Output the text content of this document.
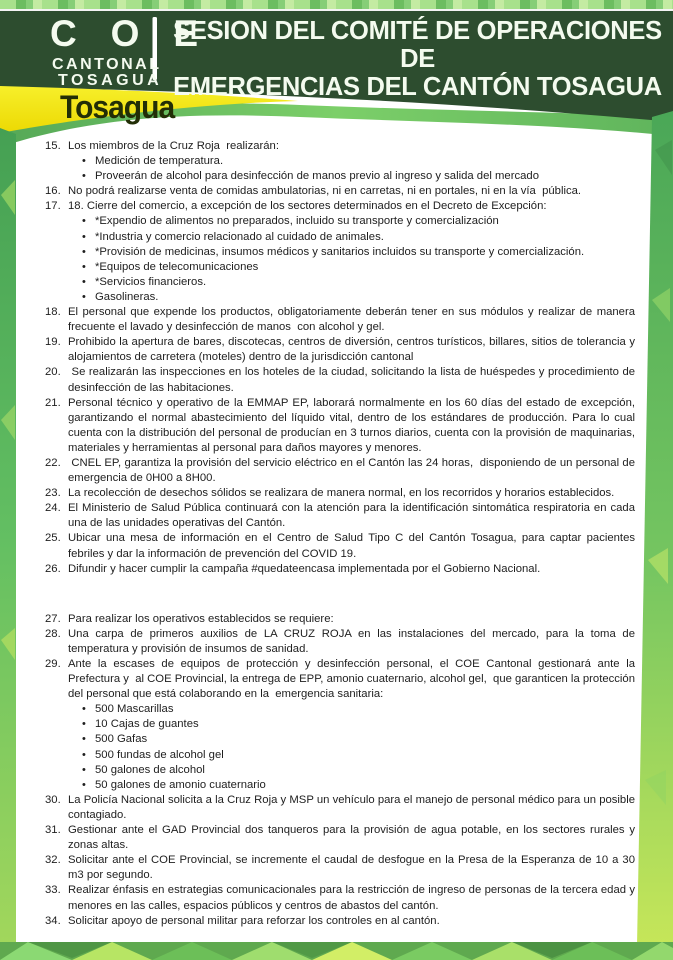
C O E
CANTONAL
TOSAGUA
SESION DEL COMITÉ DE OPERACIONES DE
EMERGENCIAS DEL CANTÓN TOSAGUA
Tosagua
15. Los miembros de la Cruz Roja  realizarán:

• Medición de temperatura.
• Proveerán de alcohol para desinfección de manos previo al ingreso y salida del mercado
16. No podrá realizarse venta de comidas ambulatorias, ni en carretas, ni en portales, ni en la vía  pública.

17. 18. Cierre del comercio, a excepción de los sectores determinados en el Decreto de Excepción:

• *Expendio de alimentos no preparados, incluido su transporte y comercialización
• *Industria y comercio relacionado al cuidado de animales.
• *Provisión de medicinas, insumos médicos y sanitarios incluidos su transporte y comercialización.
• *Equipos de telecomunicaciones
• *Servicios financieros.
• Gasolineras.
18. El personal que expende los productos, obligatoriamente deberán tener en sus módulos y realizar de manera frecuente el lavado y desinfección de manos  con alcohol y gel.

19. Prohibido la apertura de bares, discotecas, centros de diversión, centros turísticos, billares, sitios de tolerancia y alojamientos de carretera (moteles) dentro de la jurisdicción cantonal

20. Se realizarán las inspecciones en los hoteles de la ciudad, solicitando la lista de huéspedes y procedimiento de desinfección de las habitaciones.

21. Personal técnico y operativo de la EMMAP EP, laborará normalmente en los 60 días del estado de excepción, garantizando el normal abastecimiento del líquido vital, dentro de los estándares de producción. Para lo cual cuenta con la distribución del personal de producían en 3 turnos diarios, cuenta con la provisión de maquinarias, materiales y herramientas al personal para daños mayores y menores.

22. CNEL EP, garantiza la provisión del servicio eléctrico en el Cantón las 24 horas,  disponiendo de un personal de emergencia de 0H00 a 8H00.

23. La recolección de desechos sólidos se realizara de manera normal, en los recorridos y horarios establecidos.

24. El Ministerio de Salud Pública continuará con la atención para la identificación sintomática respiratoria en cada una de las unidades operativas del Cantón.

25. Ubicar una mesa de información en el Centro de Salud Tipo C del Cantón Tosagua, para captar pacientes febriles y dar la información de prevención del COVID 19.

26. Difundir y hacer cumplir la campaña #quedateencasa implementada por el Gobierno Nacional.

27. Para realizar los operativos establecidos se requiere:

28. Una carpa de primeros auxilios de LA CRUZ ROJA en las instalaciones del mercado, para la toma de temperatura y provisión de insumos de sanidad.

29. Ante la escases de equipos de protección y desinfección personal, el COE Cantonal gestionará ante la Prefectura y  al COE Provincial, la entrega de EPP, amonio cuaternario, alcohol gel,  que garanticen la protección del personal que está colaborando en la  emergencia sanitaria:

• 500 Mascarillas
• 10 Cajas de guantes
• 500 Gafas
• 500 fundas de alcohol gel
• 50 galones de alcohol
• 50 galones de amonio cuaternario
30. La Policía Nacional solicita a la Cruz Roja y MSP un vehículo para el manejo de personal médico para un posible contagiado.

31. Gestionar ante el GAD Provincial dos tanqueros para la provisión de agua potable, en los sectores rurales y zonas altas.

32. Solicitar ante el COE Provincial, se incremente el caudal de desfogue en la Presa de la Esperanza de 10 a 30 m3 por segundo.

33. Realizar énfasis en estrategias comunicacionales para la restricción de ingreso de personas de la tercera edad y menores en las calles, espacios públicos y centros de abastos del cantón.

34. Solicitar apoyo de personal militar para reforzar los controles en al cantón.
